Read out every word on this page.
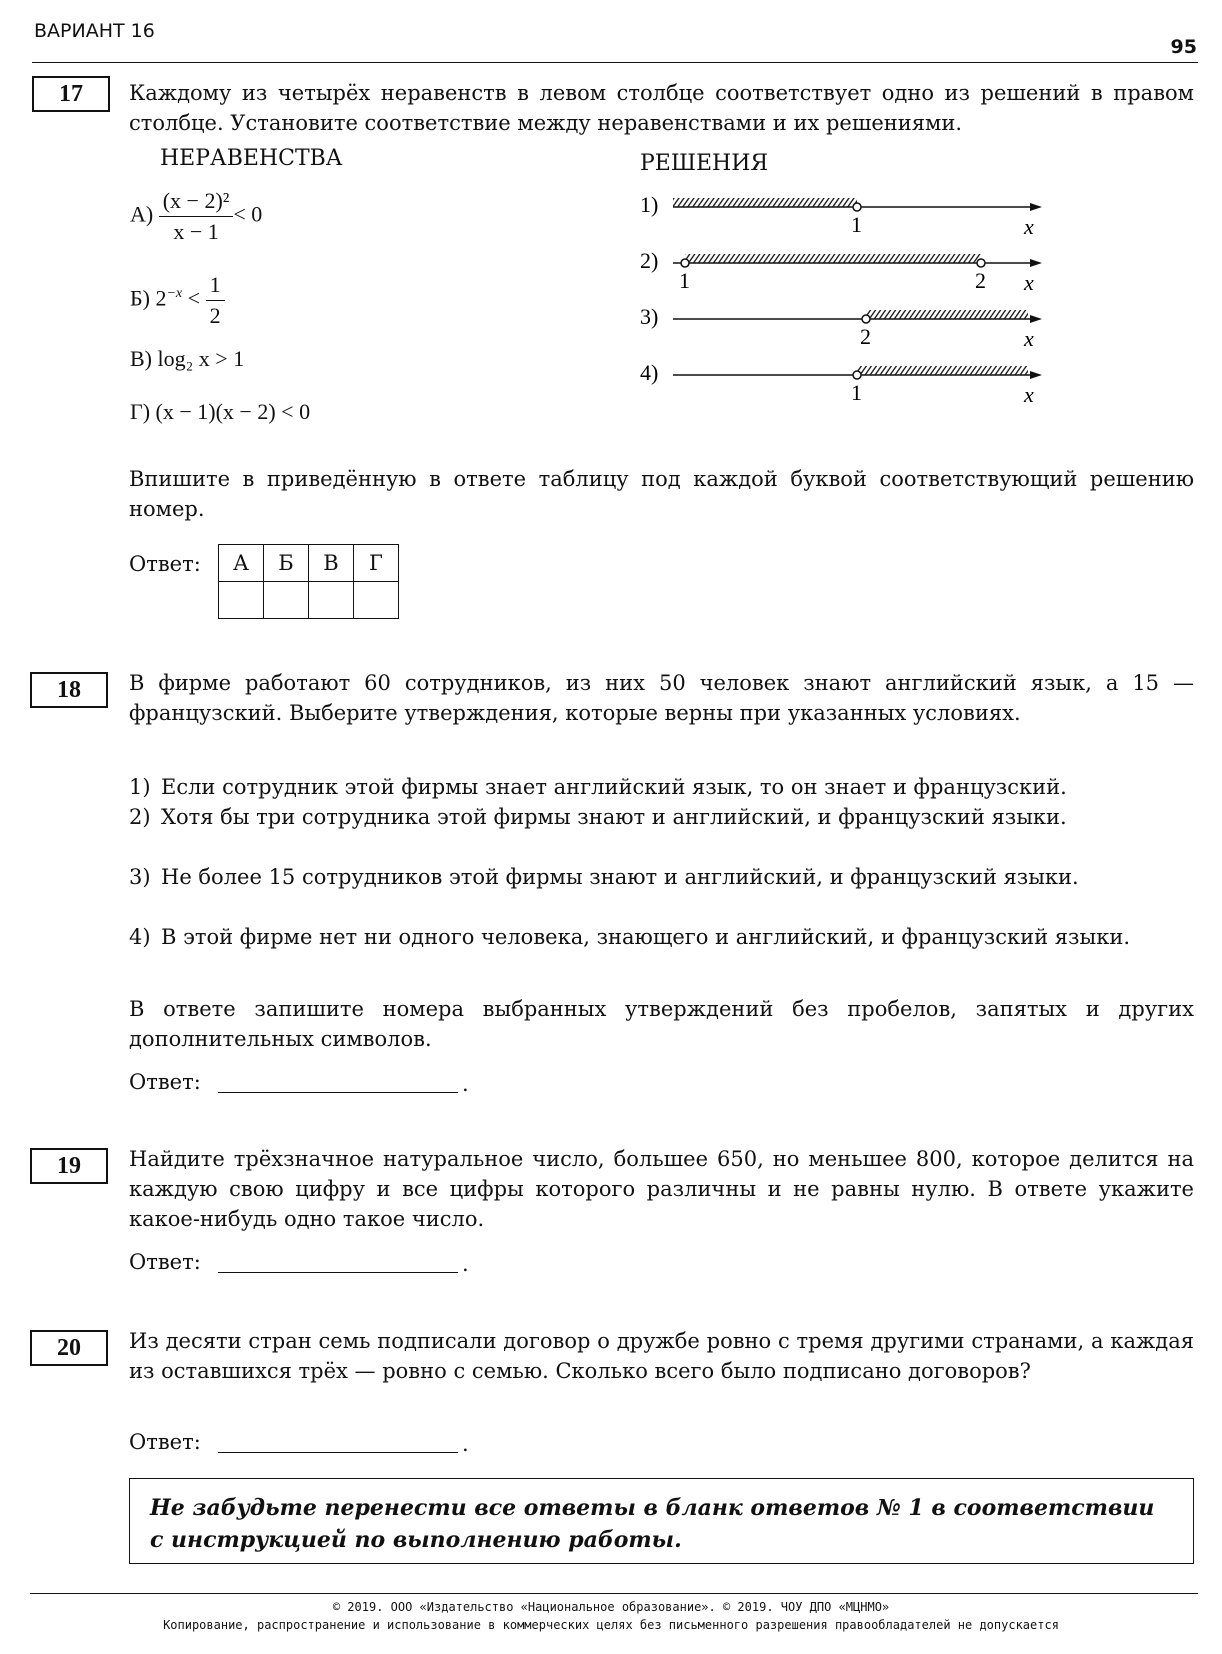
ВАРИАНТ 16
95
17	Каждому из четырёх неравенств в левом столбце соответствует одно из решений в правом столбце. Установите соответствие между неравенствами и их решениями.
НЕРАВЕНСТВА	РЕШЕНИЯ
$А) \frac{\text{(x − 2)²}}{x - 1} < 0$
Б) $2^{-x} < \frac{1}{2}$
В) log₂ x > 1
Г) (x − 1)(x − 2) < 0
1)
1	x
2)
1	2 x
3)
2	x
4)
1	x
Впишите в приведённую в ответе таблицу под каждой буквой соответствующий решению номер.
Ответ: А	Б	В	Г

18	В фирме работают 60 сотрудников, из них 50 человек знают английский язык, а 15 — французский. Выберите утверждения, которые верны при указанных условиях.
1) Если сотрудник этой фирмы знает английский язык, то он знает и французский.
2) Хотя бы три сотрудника этой фирмы знают и английский, и французский языки.
3) Не более 15 сотрудников этой фирмы знают и английский, и французский языки.
4) В этой фирме нет ни одного человека, знающего и английский, и французский языки.
В ответе запишите номера выбранных утверждений без пробелов, запятых и других дополнительных символов.
Ответ:	.
19	Найдите трёхзначное натуральное число, большее 650, но меньшее 800, которое делится на каждую свою цифру и все цифры которого различны и не равны нулю. В ответе укажите какое-нибудь одно такое число.
Ответ:	.
20	Из десяти стран семь подписали договор о дружбе ровно с тремя другими странами, а каждая из оставшихся трёх — ровно с семью. Сколько всего было подписано договоров?
Ответ:	.
Не забудьте перенести все ответы в бланк ответов № 1 в соответствии с инструкцией по выполнению работы.
© 2019. ООО «Издательство «Национальное образование». © 2019. ЧОУ ДПО «МЦНМО»
Копирование, распространение и использование в коммерческих целях без письменного разрешения правообладателей не допускается
